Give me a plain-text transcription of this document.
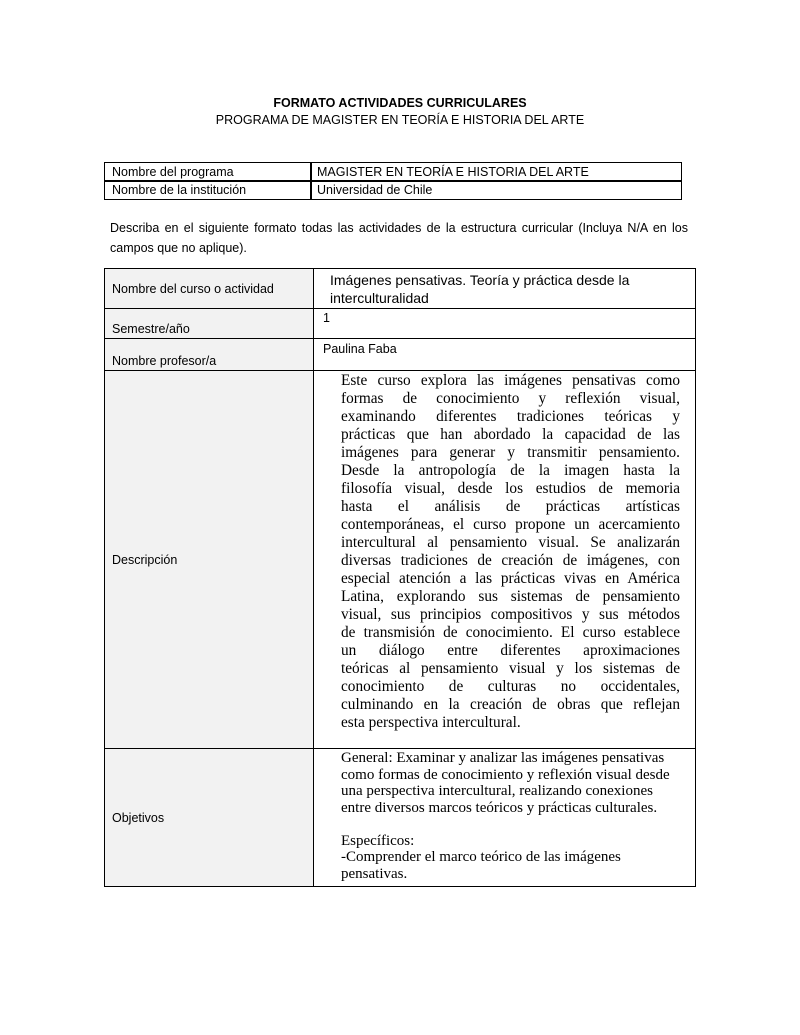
FORMATO ACTIVIDADES CURRICULARES
PROGRAMA DE MAGISTER EN TEORÍA E HISTORIA DEL ARTE
Nombre del programa	MAGISTER EN TEORÍA E HISTORIA DEL ARTE
Nombre de la institución	Universidad de Chile
Describa en el siguiente formato todas las actividades de la estructura curricular (Incluya N/A en los campos que no aplique).
Nombre del curso o actividad
Imágenes pensativas. Teoría y práctica desde la interculturalidad
Semestre/año
1
Nombre profesor/a
Paulina Faba
Descripción
Objetivos
Este curso explora las imágenes pensativas como
formas de conocimiento y reflexión visual,
examinando diferentes tradiciones teóricas y
prácticas que han abordado la capacidad de las
imágenes para generar y transmitir pensamiento.
Desde la antropología de la imagen hasta la
filosofía visual, desde los estudios de memoria
hasta el análisis de prácticas artísticas
contemporáneas, el curso propone un acercamiento
intercultural al pensamiento visual. Se analizarán
diversas tradiciones de creación de imágenes, con
especial atención a las prácticas vivas en América
Latina, explorando sus sistemas de pensamiento
visual, sus principios compositivos y sus métodos
de transmisión de conocimiento. El curso establece
un diálogo entre diferentes aproximaciones
teóricas al pensamiento visual y los sistemas de
conocimiento de culturas no occidentales,
culminando en la creación de obras que reflejan
esta perspectiva intercultural.
General: Examinar y analizar las imágenes pensativas
como formas de conocimiento y reflexión visual desde
una perspectiva intercultural, realizando conexiones
entre diversos marcos teóricos y prácticas culturales.
Específicos:
-Comprender el marco teórico de las imágenes
pensativas.
